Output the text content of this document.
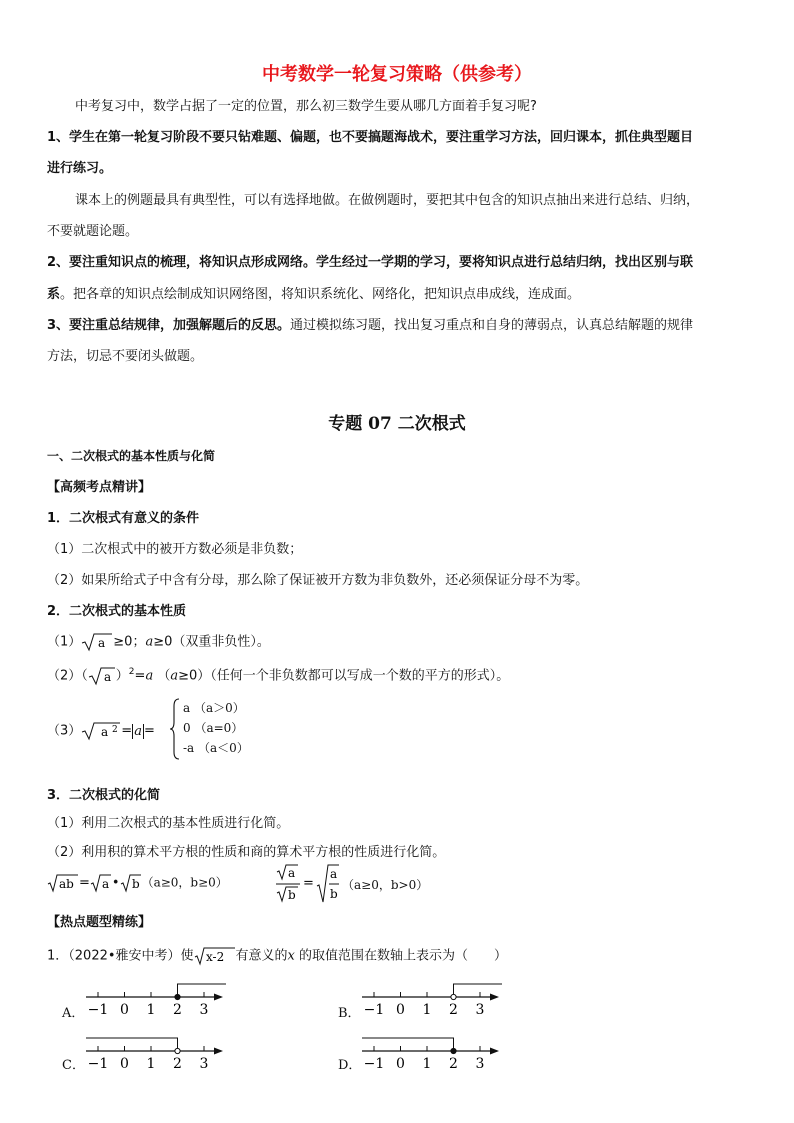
中考数学一轮复习策略（供参考）
中考复习中，数学占据了一定的位置，那么初三数学生要从哪几方面着手复习呢?
1、学生在第一轮复习阶段不要只钻难题、偏题，也不要搞题海战术，要注重学习方法，回归课本，抓住典型题目
进行练习。
课本上的例题最具有典型性，可以有选择地做。在做例题时，要把其中包含的知识点抽出来进行总结、归纳，
不要就题论题。
2、要注重知识点的梳理，将知识点形成网络。学生经过一学期的学习，要将知识点进行总结归纳，找出区别与联
系。把各章的知识点绘制成知识网络图，将知识系统化、网络化，把知识点串成线，连成面。
3、要注重总结规律，加强解题后的反思。通过模拟练习题，找出复习重点和自身的薄弱点，认真总结解题的规律
方法，切忌不要闭头做题。
专题 07 二次根式
一、二次根式的基本性质与化简
【高频考点精讲】
1．二次根式有意义的条件
（1）二次根式中的被开方数必须是非负数；
（2）如果所给式子中含有分母，那么除了保证被开方数为非负数外，还必须保证分母不为零。
2．二次根式的基本性质
（1） a ≥0；a≥0（双重非负性）。
（2）（ a ）$^2$=a （a≥0）（任何一个非负数都可以写成一个数的平方的形式）。
（3） a 2 = a =
a （a＞0）
0 （a=0）
-a （a＜0）
3．二次根式的化简
（1）利用二次根式的基本性质进行化简。
（2）利用积的算术平方根的性质和商的算术平方根的性质进行化简。
ab = a • b （a≥0，b≥0）
a
b
=
a
b
（a≥0，b>0）
【热点题型精练】
1．（2022•雅安中考）使 x-2 有意义的x 的取值范围在数轴上表示为（　　）
A． −1 0 1 2 3	B． −1 0 1 2 3
C． −1 0 1 2 3	D． −1 0 1 2 3
